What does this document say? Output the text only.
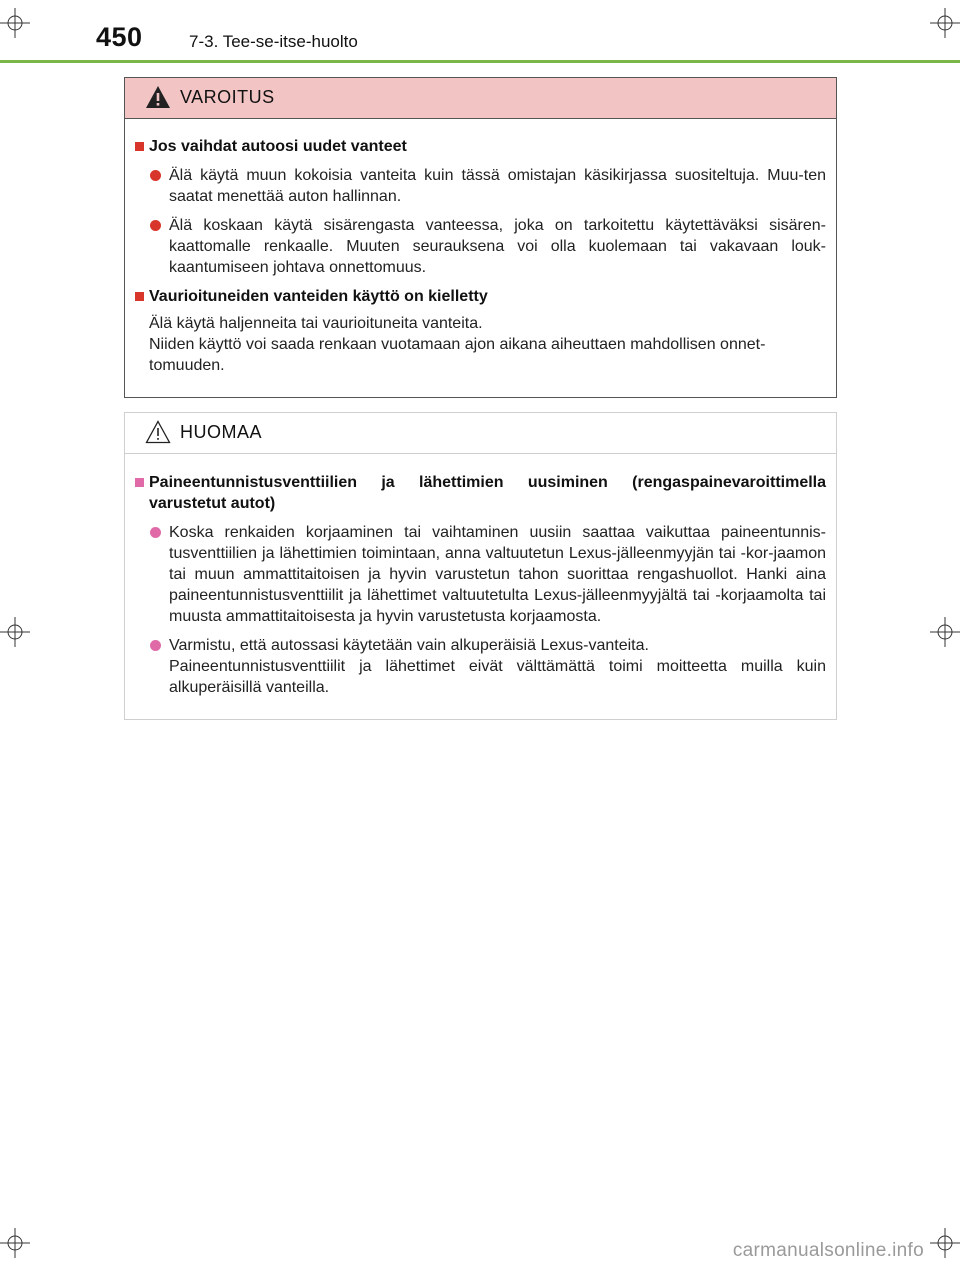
450	7-3. Tee-se-itse-huolto
VAROITUS
Jos vaihdat autoosi uudet vanteet
Älä käytä muun kokoisia vanteita kuin tässä omistajan käsikirjassa suositeltuja. Muu-ten saatat menettää auton hallinnan.
Älä koskaan käytä sisärengasta vanteessa, joka on tarkoitettu käytettäväksi sisären-kaattomalle renkaalle. Muuten seurauksena voi olla kuolemaan tai vakavaan louk-kaantumiseen johtava onnettomuus.
Vaurioituneiden vanteiden käyttö on kielletty
Älä käytä haljenneita tai vaurioituneita vanteita.
Niiden käyttö voi saada renkaan vuotamaan ajon aikana aiheuttaen mahdollisen onnet-tomuuden.
HUOMAA
Paineentunnistusventtiilien ja lähettimien uusiminen (rengaspainevaroittimella varustetut autot)
Koska renkaiden korjaaminen tai vaihtaminen uusiin saattaa vaikuttaa paineentunnis-tusventtiilien ja lähettimien toimintaan, anna valtuutetun Lexus-jälleenmyyjän tai -kor-jaamon tai muun ammattitaitoisen ja hyvin varustetun tahon suorittaa rengashuollot. Hanki aina paineentunnistusventtiilit ja lähettimet valtuutetulta Lexus-jälleenmyyjältä tai -korjaamolta tai muusta ammattitaitoisesta ja hyvin varustetusta korjaamosta.
Varmistu, että autossasi käytetään vain alkuperäisiä Lexus-vanteita.
Paineentunnistusventtiilit ja lähettimet eivät välttämättä toimi moitteetta muilla kuin alkuperäisillä vanteilla.
carmanualsonline.info
